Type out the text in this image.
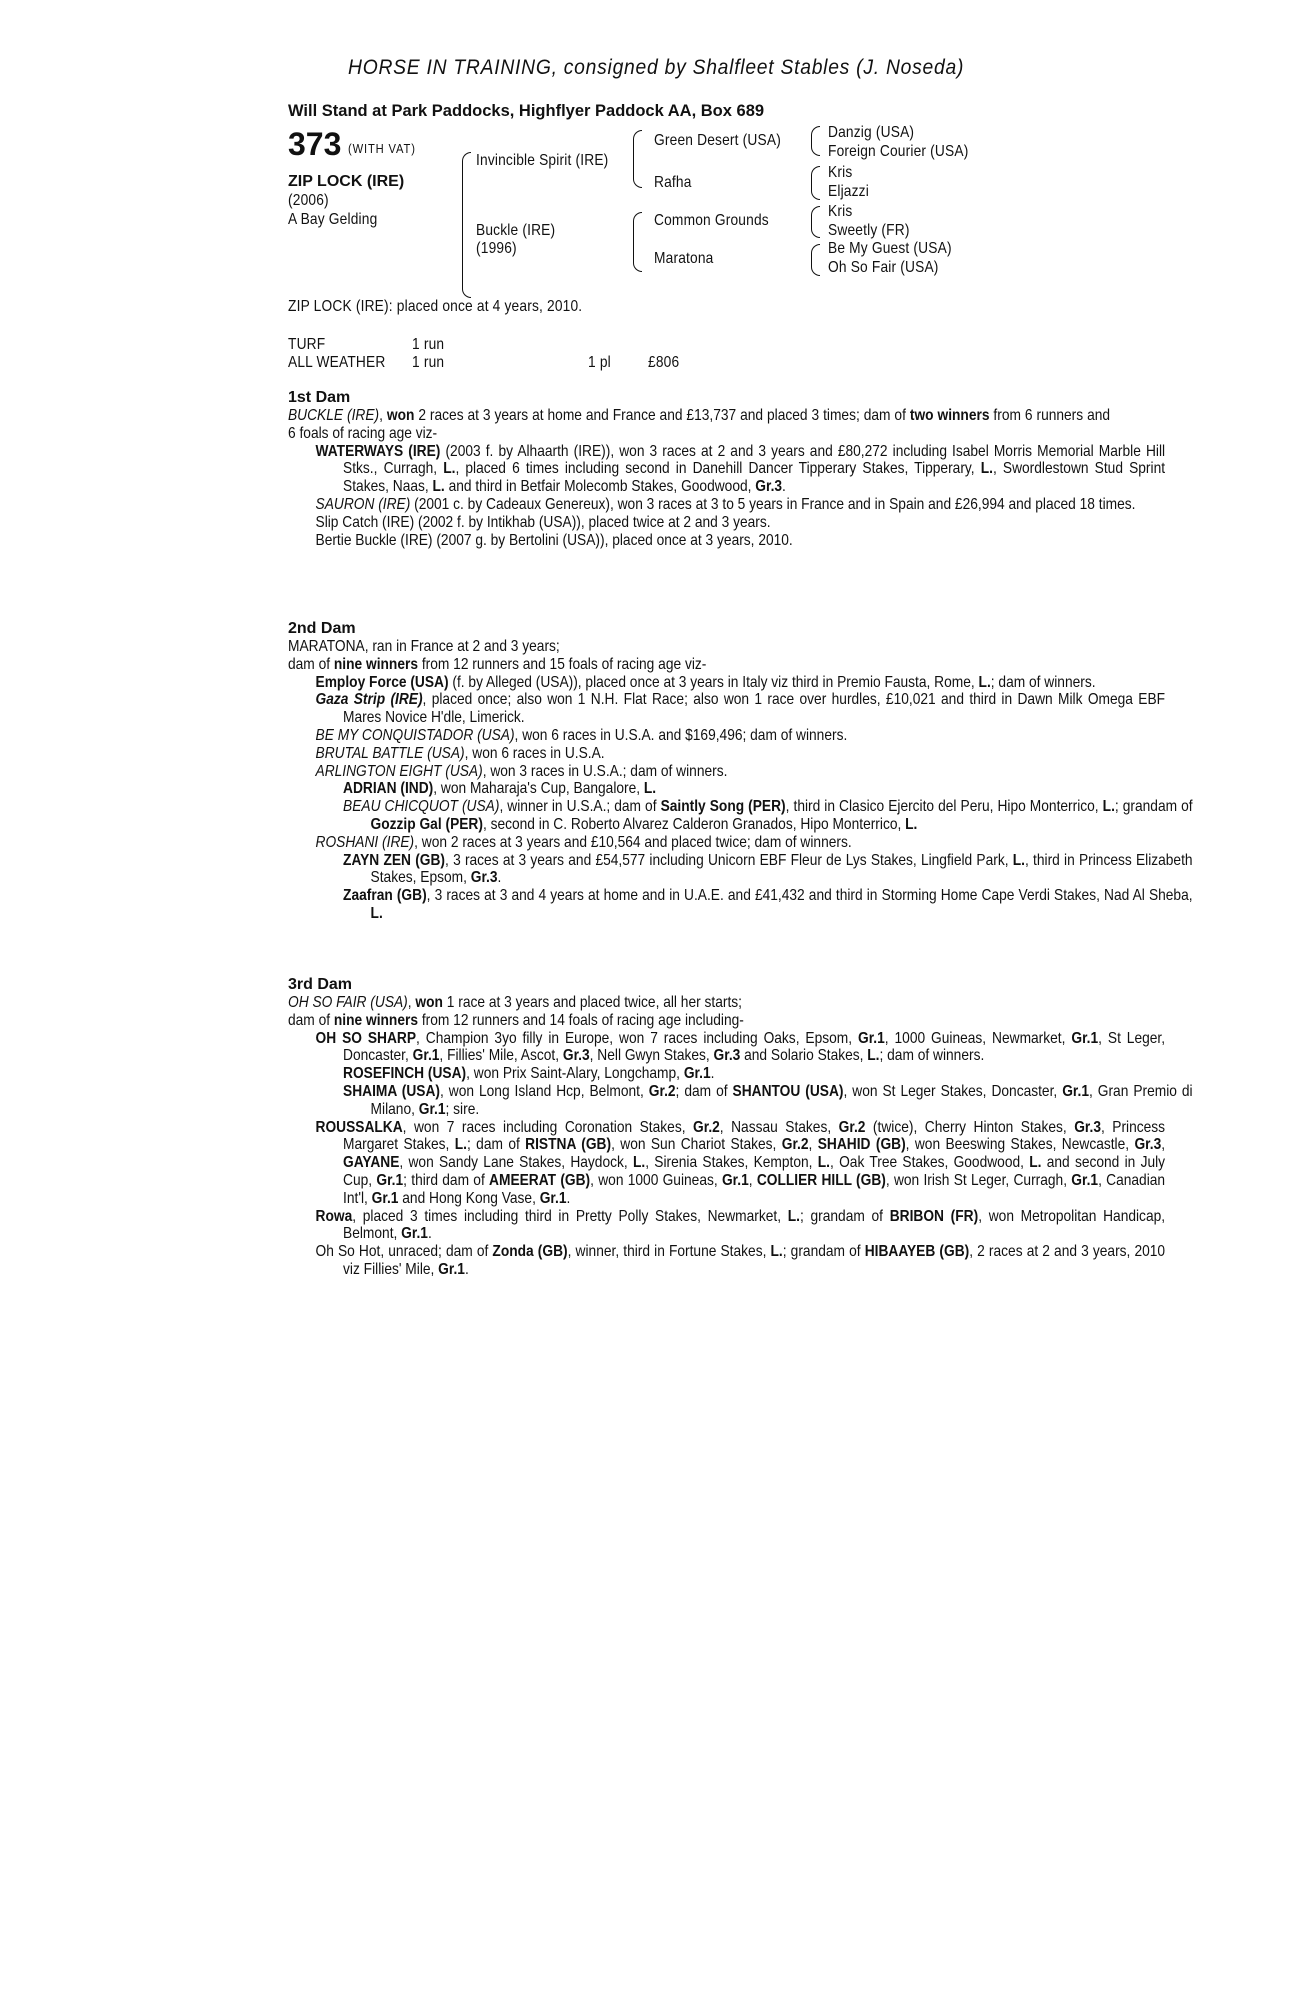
HORSE IN TRAINING, consigned by Shalfleet Stables (J. Noseda)
Will Stand at Park Paddocks, Highflyer Paddock AA, Box 689
373 (WITH VAT)
ZIP LOCK (IRE)
(2006)
A Bay Gelding
Invincible Spirit (IRE)
Buckle (IRE)
(1996)
Green Desert (USA)
Rafha
Common Grounds
Maratona
Danzig (USA)
Foreign Courier (USA)
Kris
Eljazzi
Kris
Sweetly (FR)
Be My Guest (USA)
Oh So Fair (USA)
ZIP LOCK (IRE): placed once at 4 years, 2010.
TURF	1 run
ALL WEATHER 1 run	1 pl £806
1st Dam
BUCKLE (IRE), won 2 races at 3 years at home and France and £13,737 and placed 3 times; dam of two winners from 6 runners and 6 foals of racing age viz-
WATERWAYS (IRE) (2003 f. by Alhaarth (IRE)), won 3 races at 2 and 3 years and £80,272 including Isabel Morris Memorial Marble Hill Stks., Curragh, L., placed 6 times including second in Danehill Dancer Tipperary Stakes, Tipperary, L., Swordlestown Stud Sprint Stakes, Naas, L. and third in Betfair Molecomb Stakes, Goodwood, Gr.3.
SAURON (IRE) (2001 c. by Cadeaux Genereux), won 3 races at 3 to 5 years in France and in Spain and £26,994 and placed 18 times.
Slip Catch (IRE) (2002 f. by Intikhab (USA)), placed twice at 2 and 3 years.
Bertie Buckle (IRE) (2007 g. by Bertolini (USA)), placed once at 3 years, 2010.
2nd Dam
MARATONA, ran in France at 2 and 3 years;
dam of nine winners from 12 runners and 15 foals of racing age viz-
Employ Force (USA) (f. by Alleged (USA)), placed once at 3 years in Italy viz third in Premio Fausta, Rome, L.; dam of winners.
Gaza Strip (IRE), placed once; also won 1 N.H. Flat Race; also won 1 race over hurdles, £10,021 and third in Dawn Milk Omega EBF Mares Novice H'dle, Limerick.
BE MY CONQUISTADOR (USA), won 6 races in U.S.A. and $169,496; dam of winners.
BRUTAL BATTLE (USA), won 6 races in U.S.A.
ARLINGTON EIGHT (USA), won 3 races in U.S.A.; dam of winners.
ADRIAN (IND), won Maharaja's Cup, Bangalore, L.
BEAU CHICQUOT (USA), winner in U.S.A.; dam of Saintly Song (PER), third in Clasico Ejercito del Peru, Hipo Monterrico, L.; grandam of Gozzip Gal (PER), second in C. Roberto Alvarez Calderon Granados, Hipo Monterrico, L.
ROSHANI (IRE), won 2 races at 3 years and £10,564 and placed twice; dam of winners.
ZAYN ZEN (GB), 3 races at 3 years and £54,577 including Unicorn EBF Fleur de Lys Stakes, Lingfield Park, L., third in Princess Elizabeth Stakes, Epsom, Gr.3.
Zaafran (GB), 3 races at 3 and 4 years at home and in U.A.E. and £41,432 and third in Storming Home Cape Verdi Stakes, Nad Al Sheba, L.
3rd Dam
OH SO FAIR (USA), won 1 race at 3 years and placed twice, all her starts;
dam of nine winners from 12 runners and 14 foals of racing age including-
OH SO SHARP, Champion 3yo filly in Europe, won 7 races including Oaks, Epsom, Gr.1, 1000 Guineas, Newmarket, Gr.1, St Leger, Doncaster, Gr.1, Fillies' Mile, Ascot, Gr.3, Nell Gwyn Stakes, Gr.3 and Solario Stakes, L.; dam of winners.
ROSEFINCH (USA), won Prix Saint-Alary, Longchamp, Gr.1.
SHAIMA (USA), won Long Island Hcp, Belmont, Gr.2; dam of SHANTOU (USA), won St Leger Stakes, Doncaster, Gr.1, Gran Premio di Milano, Gr.1; sire.
ROUSSALKA, won 7 races including Coronation Stakes, Gr.2, Nassau Stakes, Gr.2 (twice), Cherry Hinton Stakes, Gr.3, Princess Margaret Stakes, L.; dam of RISTNA (GB), won Sun Chariot Stakes, Gr.2, SHAHID (GB), won Beeswing Stakes, Newcastle, Gr.3, GAYANE, won Sandy Lane Stakes, Haydock, L., Sirenia Stakes, Kempton, L., Oak Tree Stakes, Goodwood, L. and second in July Cup, Gr.1; third dam of AMEERAT (GB), won 1000 Guineas, Gr.1, COLLIER HILL (GB), won Irish St Leger, Curragh, Gr.1, Canadian Int'l, Gr.1 and Hong Kong Vase, Gr.1.
Rowa, placed 3 times including third in Pretty Polly Stakes, Newmarket, L.; grandam of BRIBON (FR), won Metropolitan Handicap, Belmont, Gr.1.
Oh So Hot, unraced; dam of Zonda (GB), winner, third in Fortune Stakes, L.; grandam of HIBAAYEB (GB), 2 races at 2 and 3 years, 2010 viz Fillies' Mile, Gr.1.
